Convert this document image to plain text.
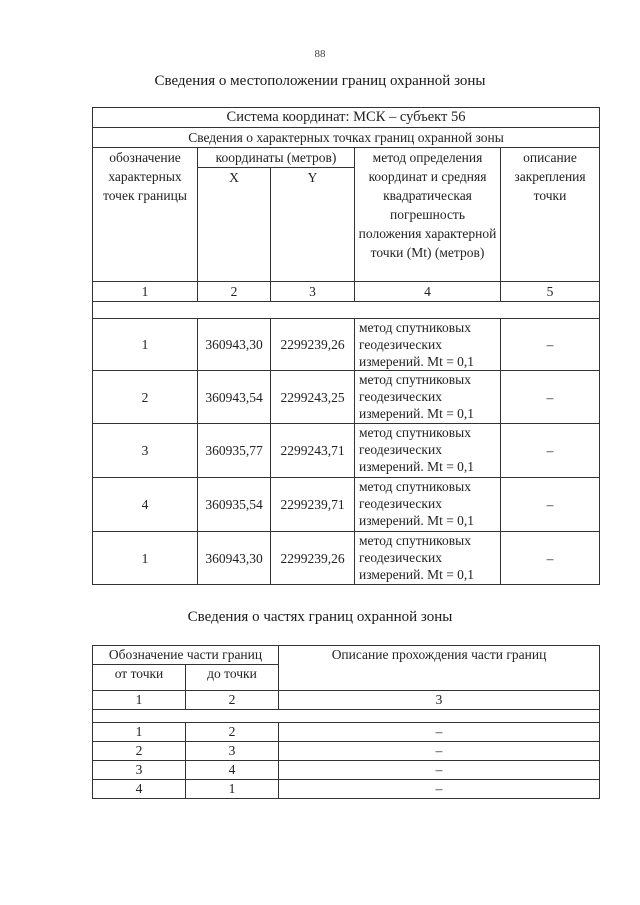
88
Сведения о местоположении границ охранной зоны
Система координат: МСК – субъект 56				
Сведения о характерных точках границ охранной зоны				
обозначение характерных точек границы	координаты (метров)		метод определения координат и средняя квадратическая погрешность положения характерной точки (Mt) (метров)	описание закрепления точки
	X	Y		
1	2	3	4	5

1	360943,30	2299239,26	метод спутниковых геодезических измерений. Mt = 0,1	–
2	360943,54	2299243,25	метод спутниковых геодезических измерений. Mt = 0,1	–
3	360935,77	2299243,71	метод спутниковых геодезических измерений. Mt = 0,1	–
4	360935,54	2299239,71	метод спутниковых геодезических измерений. Mt = 0,1	–
1	360943,30	2299239,26	метод спутниковых геодезических измерений. Mt = 0,1	–
Сведения о частях границ охранной зоны
Обозначение части границ		Описание прохождения части границ
от точки	до точки	
1	2	3

1	2	–
2	3	–
3	4	–
4	1	–
